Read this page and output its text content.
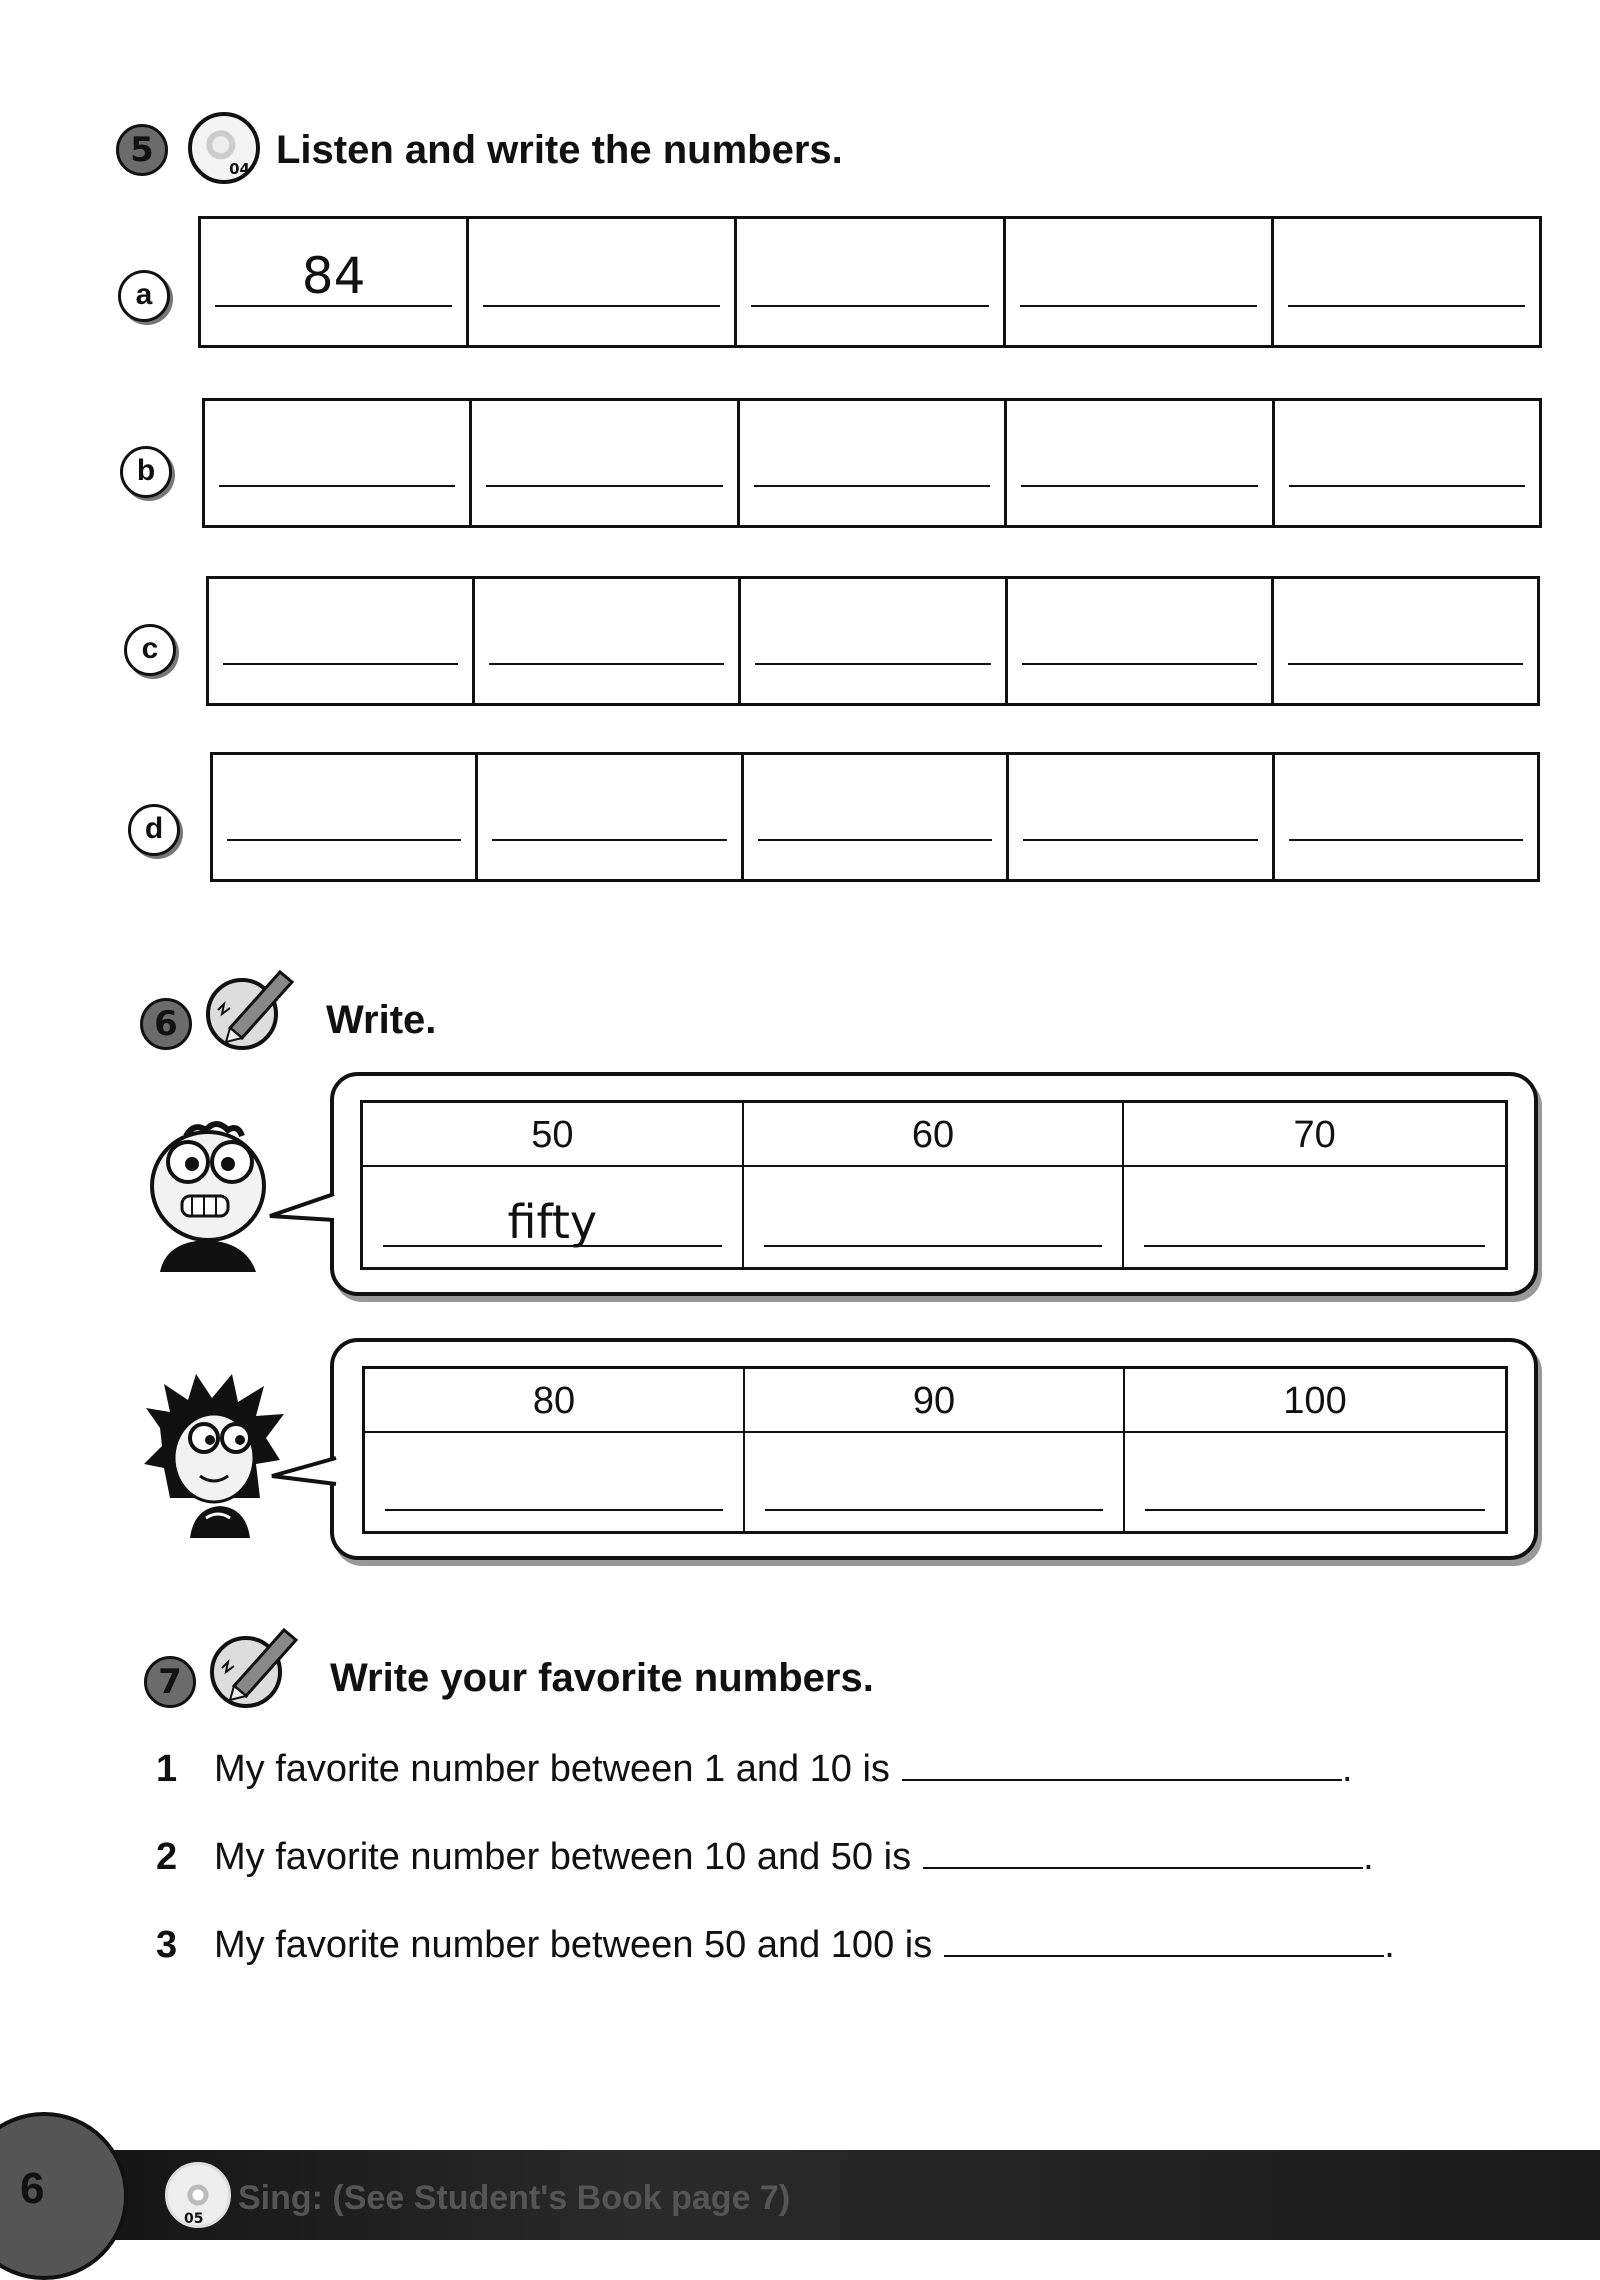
5	04 Listen and write the numbers.
a	84
b
c
d
6	Write.
50	60	70
fifty
80	90	100
7	Write your favorite numbers.
1 My favorite number between 1 and 10 is	.
2 My favorite number between 10 and 50 is	.
3 My favorite number between 50 and 100 is	.
6
05
Sing: (See Student's Book page 7)
